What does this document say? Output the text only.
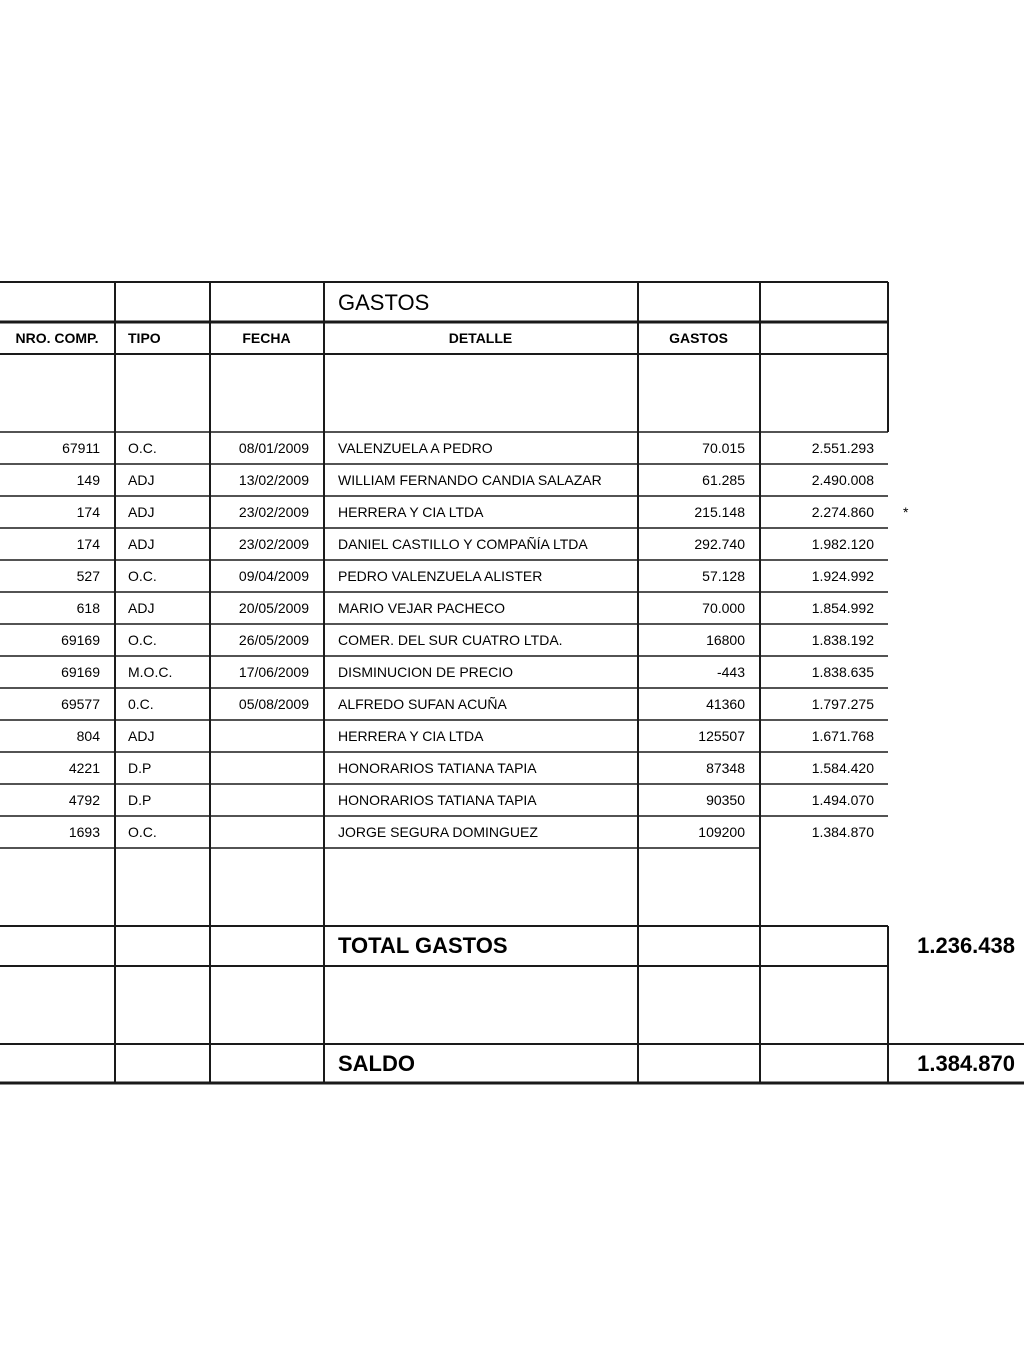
GASTOS
NRO. COMP.	TIPO	FECHA	DETALLE	GASTOS
67911 O.C.	08/01/2009 VALENZUELA A PEDRO	70.015	2.551.293
149 ADJ	13/02/2009 WILLIAM FERNANDO CANDIA SALAZAR	61.285	2.490.008
174 ADJ	23/02/2009 HERRERA Y CIA LTDA	215.148	2.274.860 *
174 ADJ	23/02/2009 DANIEL CASTILLO Y COMPAÑÍA LTDA	292.740	1.982.120
527 O.C.	09/04/2009 PEDRO VALENZUELA ALISTER	57.128	1.924.992
618 ADJ	20/05/2009 MARIO VEJAR PACHECO	70.000	1.854.992
69169 O.C.	26/05/2009 COMER. DEL SUR CUATRO LTDA.	16800	1.838.192
69169 M.O.C.	17/06/2009 DISMINUCION DE PRECIO	-443	1.838.635
69577 0.C.	05/08/2009 ALFREDO SUFAN ACUÑA	41360	1.797.275
804 ADJ	HERRERA Y CIA LTDA	125507	1.671.768
4221 D.P	HONORARIOS TATIANA TAPIA	87348	1.584.420
4792 D.P	HONORARIOS TATIANA TAPIA	90350	1.494.070
1693 O.C.	JORGE SEGURA DOMINGUEZ	109200	1.384.870
TOTAL GASTOS	1.236.438
SALDO	1.384.870
